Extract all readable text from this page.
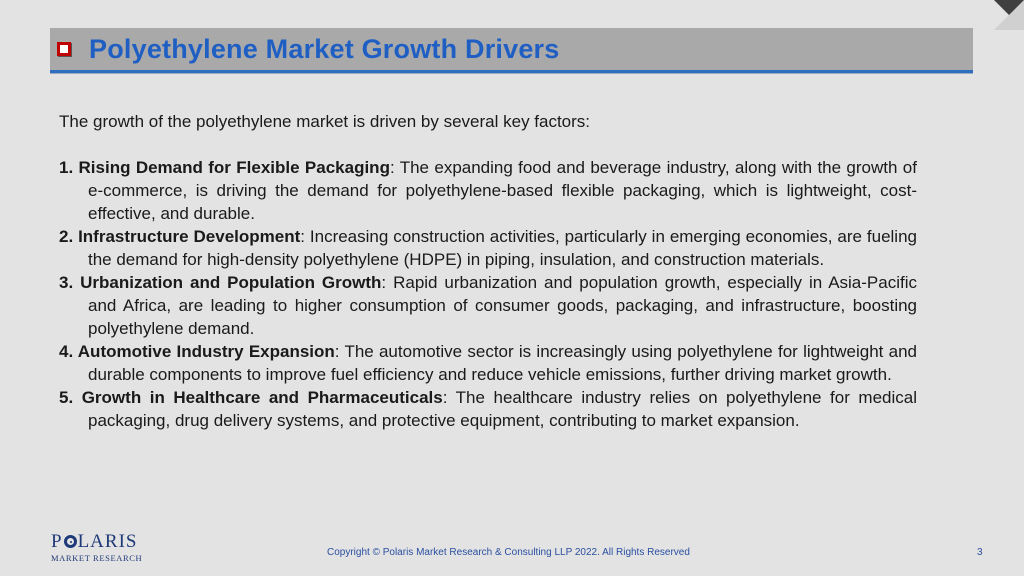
Polyethylene Market Growth Drivers

The growth of the polyethylene market is driven by several key factors:

1. Rising Demand for Flexible Packaging: The expanding food and beverage industry, along with the growth of e-commerce, is driving the demand for polyethylene-based flexible packaging, which is lightweight, cost-effective, and durable.

2. Infrastructure Development: Increasing construction activities, particularly in emerging economies, are fueling the demand for high-density polyethylene (HDPE) in piping, insulation, and construction materials.

3. Urbanization and Population Growth: Rapid urbanization and population growth, especially in Asia-Pacific and Africa, are leading to higher consumption of consumer goods, packaging, and infrastructure, boosting polyethylene demand.

4. Automotive Industry Expansion: The automotive sector is increasingly using polyethylene for lightweight and durable components to improve fuel efficiency and reduce vehicle emissions, further driving market growth.

5. Growth in Healthcare and Pharmaceuticals: The healthcare industry relies on polyethylene for medical packaging, drug delivery systems, and protective equipment, contributing to market expansion.

P LARIS
MARKET RESEARCH	Copyright © Polaris Market Research & Consulting LLP 2022. All Rights Reserved	3
